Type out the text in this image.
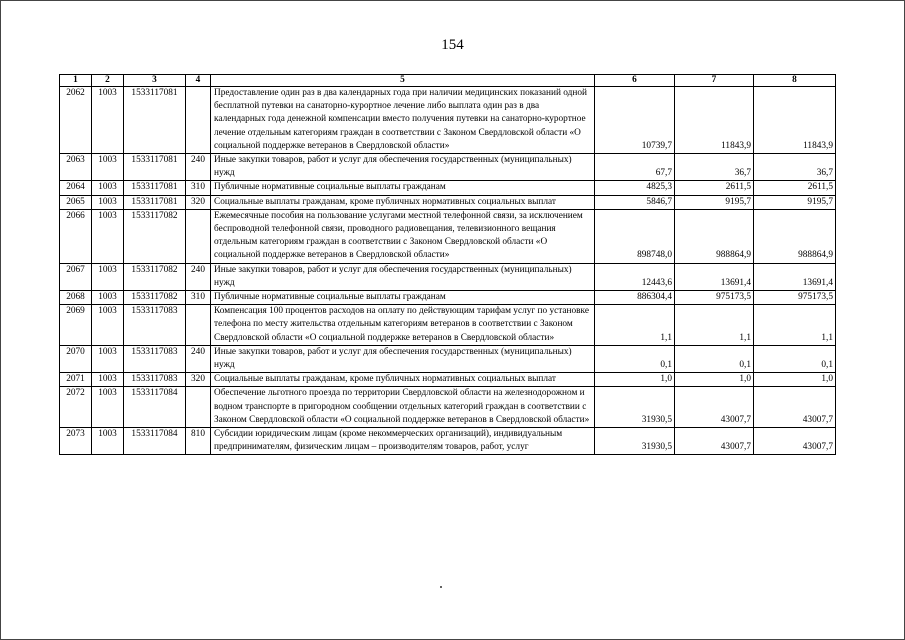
154
1	2	3	4	5	6	7	8
2062	1003	1533117081		Предоставление один раз в два календарных года при наличии медицинских показаний одной бесплатной путевки на санаторно-курортное лечение либо выплата один раз в два календарных года денежной компенсации вместо получения путевки на санаторно-курортное лечение отдельным категориям граждан в соответствии с Законом Свердловской области «О социальной поддержке ветеранов в Свердловской области»	10739,7	11843,9	11843,9
2063	1003	1533117081	240	Иные закупки товаров, работ и услуг для обеспечения государственных (муниципальных) нужд	67,7	36,7	36,7
2064	1003	1533117081	310	Публичные нормативные социальные выплаты гражданам	4825,3	2611,5	2611,5
2065	1003	1533117081	320	Социальные выплаты гражданам, кроме публичных нормативных социальных выплат	5846,7	9195,7	9195,7
2066	1003	1533117082		Ежемесячные пособия на пользование услугами местной телефонной связи, за исключением беспроводной телефонной связи, проводного радиовещания, телевизионного вещания отдельным категориям граждан в соответствии с Законом Свердловской области «О социальной поддержке ветеранов в Свердловской области»	898748,0	988864,9	988864,9
2067	1003	1533117082	240	Иные закупки товаров, работ и услуг для обеспечения государственных (муниципальных) нужд	12443,6	13691,4	13691,4
2068	1003	1533117082	310	Публичные нормативные социальные выплаты гражданам	886304,4	975173,5	975173,5
2069	1003	1533117083		Компенсация 100 процентов расходов на оплату по действующим тарифам услуг по установке телефона по месту жительства отдельным категориям ветеранов в соответствии с Законом Свердловской области «О социальной поддержке ветеранов в Свердловской области»	1,1	1,1	1,1
2070	1003	1533117083	240	Иные закупки товаров, работ и услуг для обеспечения государственных (муниципальных) нужд	0,1	0,1	0,1
2071	1003	1533117083	320	Социальные выплаты гражданам, кроме публичных нормативных социальных выплат	1,0	1,0	1,0
2072	1003	1533117084		Обеспечение льготного проезда по территории Свердловской области на железнодорожном и водном транспорте в пригородном сообщении отдельных категорий граждан в соответствии с Законом Свердловской области «О социальной поддержке ветеранов в Свердловской области»	31930,5	43007,7	43007,7
2073	1003	1533117084	810	Субсидии юридическим лицам (кроме некоммерческих организаций), индивидуальным предпринимателям, физическим лицам – производителям товаров, работ, услуг	31930,5	43007,7	43007,7
